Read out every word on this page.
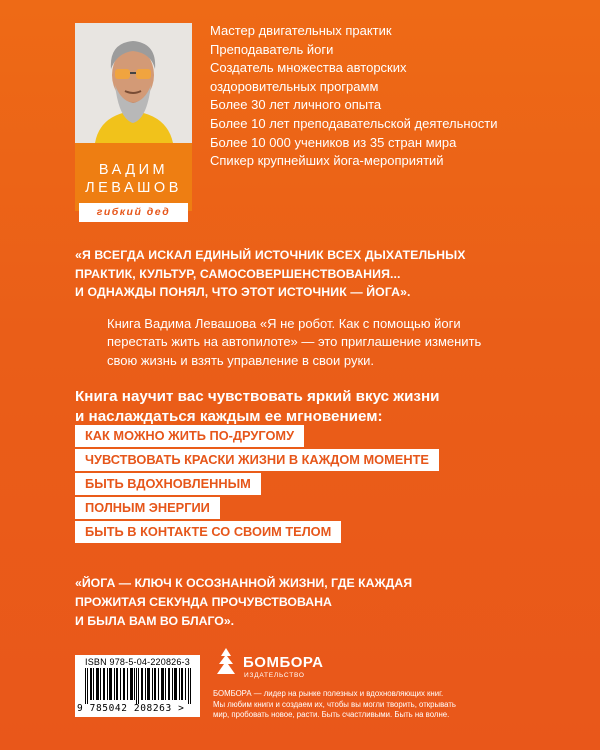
ВАДИМ
ЛЕВАШОВ
гибкий дед
Мастер двигательных практик
Преподаватель йоги
Создатель множества авторских
оздоровительных программ
Более 30 лет личного опыта
Более 10 лет преподавательской деятельности
Более 10 000 учеников из 35 стран мира
Спикер крупнейших йога-мероприятий
«Я ВСЕГДА ИСКАЛ ЕДИНЫЙ ИСТОЧНИК ВСЕХ ДЫХАТЕЛЬНЫХ
ПРАКТИК, КУЛЬТУР, САМОСОВЕРШЕНСТВОВАНИЯ...
И ОДНАЖДЫ ПОНЯЛ, ЧТО ЭТОТ ИСТОЧНИК — ЙОГА».
Книга Вадима Левашова «Я не робот. Как с помощью йоги
перестать жить на автопилоте» — это приглашение изменить
свою жизнь и взять управление в свои руки.
Книга научит вас чувствовать яркий вкус жизни
и наслаждаться каждым ее мгновением:
КАК МОЖНО ЖИТЬ ПО-ДРУГОМУ
ЧУВСТВОВАТЬ КРАСКИ ЖИЗНИ В КАЖДОМ МОМЕНТЕ
БЫТЬ ВДОХНОВЛЕННЫМ
ПОЛНЫМ ЭНЕРГИИ
БЫТЬ В КОНТАКТЕ СО СВОИМ ТЕЛОМ
«ЙОГА — КЛЮЧ К ОСОЗНАННОЙ ЖИЗНИ, ГДЕ КАЖДАЯ
ПРОЖИТАЯ СЕКУНДА ПРОЧУВСТВОВАНА
И БЫЛА ВАМ ВО БЛАГО».
ISBN 978-5-04-220826-3
9 785042 208263 >
БОМБОРА
ИЗДАТЕЛЬСТВО
БОМБОРА — лидер на рынке полезных и вдохновляющих книг.
Мы любим книги и создаем их, чтобы вы могли творить, открывать
мир, пробовать новое, расти. Быть счастливыми. Быть на волне.
